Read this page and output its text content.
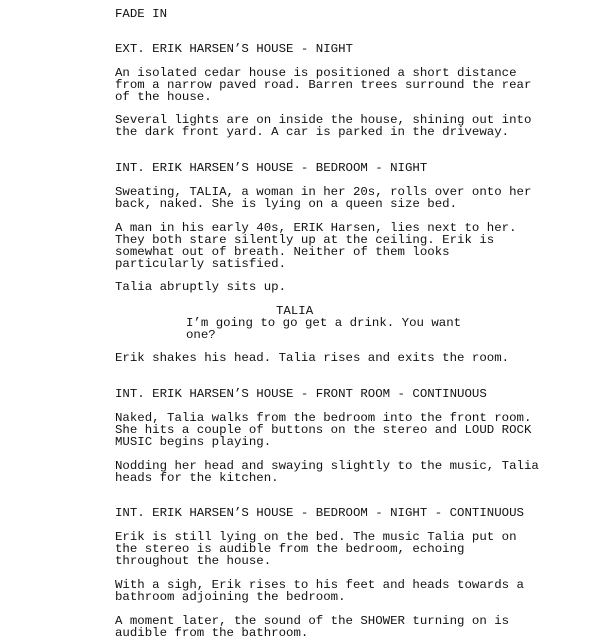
FADE IN

EXT. ERIK HARSEN’S HOUSE - NIGHT

An isolated cedar house is positioned a short distance

from a narrow paved road. Barren trees surround the rear

of the house.

Several lights are on inside the house, shining out into

the dark front yard. A car is parked in the driveway.

INT. ERIK HARSEN’S HOUSE - BEDROOM - NIGHT

Sweating, TALIA, a woman in her 20s, rolls over onto her

back, naked. She is lying on a queen size bed.

A man in his early 40s, ERIK Harsen, lies next to her.

They both stare silently up at the ceiling. Erik is

somewhat out of breath. Neither of them looks

particularly satisfied.

Talia abruptly sits up.

TALIA

I’m going to go get a drink. You want

one?

Erik shakes his head. Talia rises and exits the room.

INT. ERIK HARSEN’S HOUSE - FRONT ROOM - CONTINUOUS

Naked, Talia walks from the bedroom into the front room.

She hits a couple of buttons on the stereo and LOUD ROCK

MUSIC begins playing.

Nodding her head and swaying slightly to the music, Talia

heads for the kitchen.

INT. ERIK HARSEN’S HOUSE - BEDROOM - NIGHT - CONTINUOUS

Erik is still lying on the bed. The music Talia put on

the stereo is audible from the bedroom, echoing

throughout the house.

With a sigh, Erik rises to his feet and heads towards a

bathroom adjoining the bedroom.

A moment later, the sound of the SHOWER turning on is

audible from the bathroom.
